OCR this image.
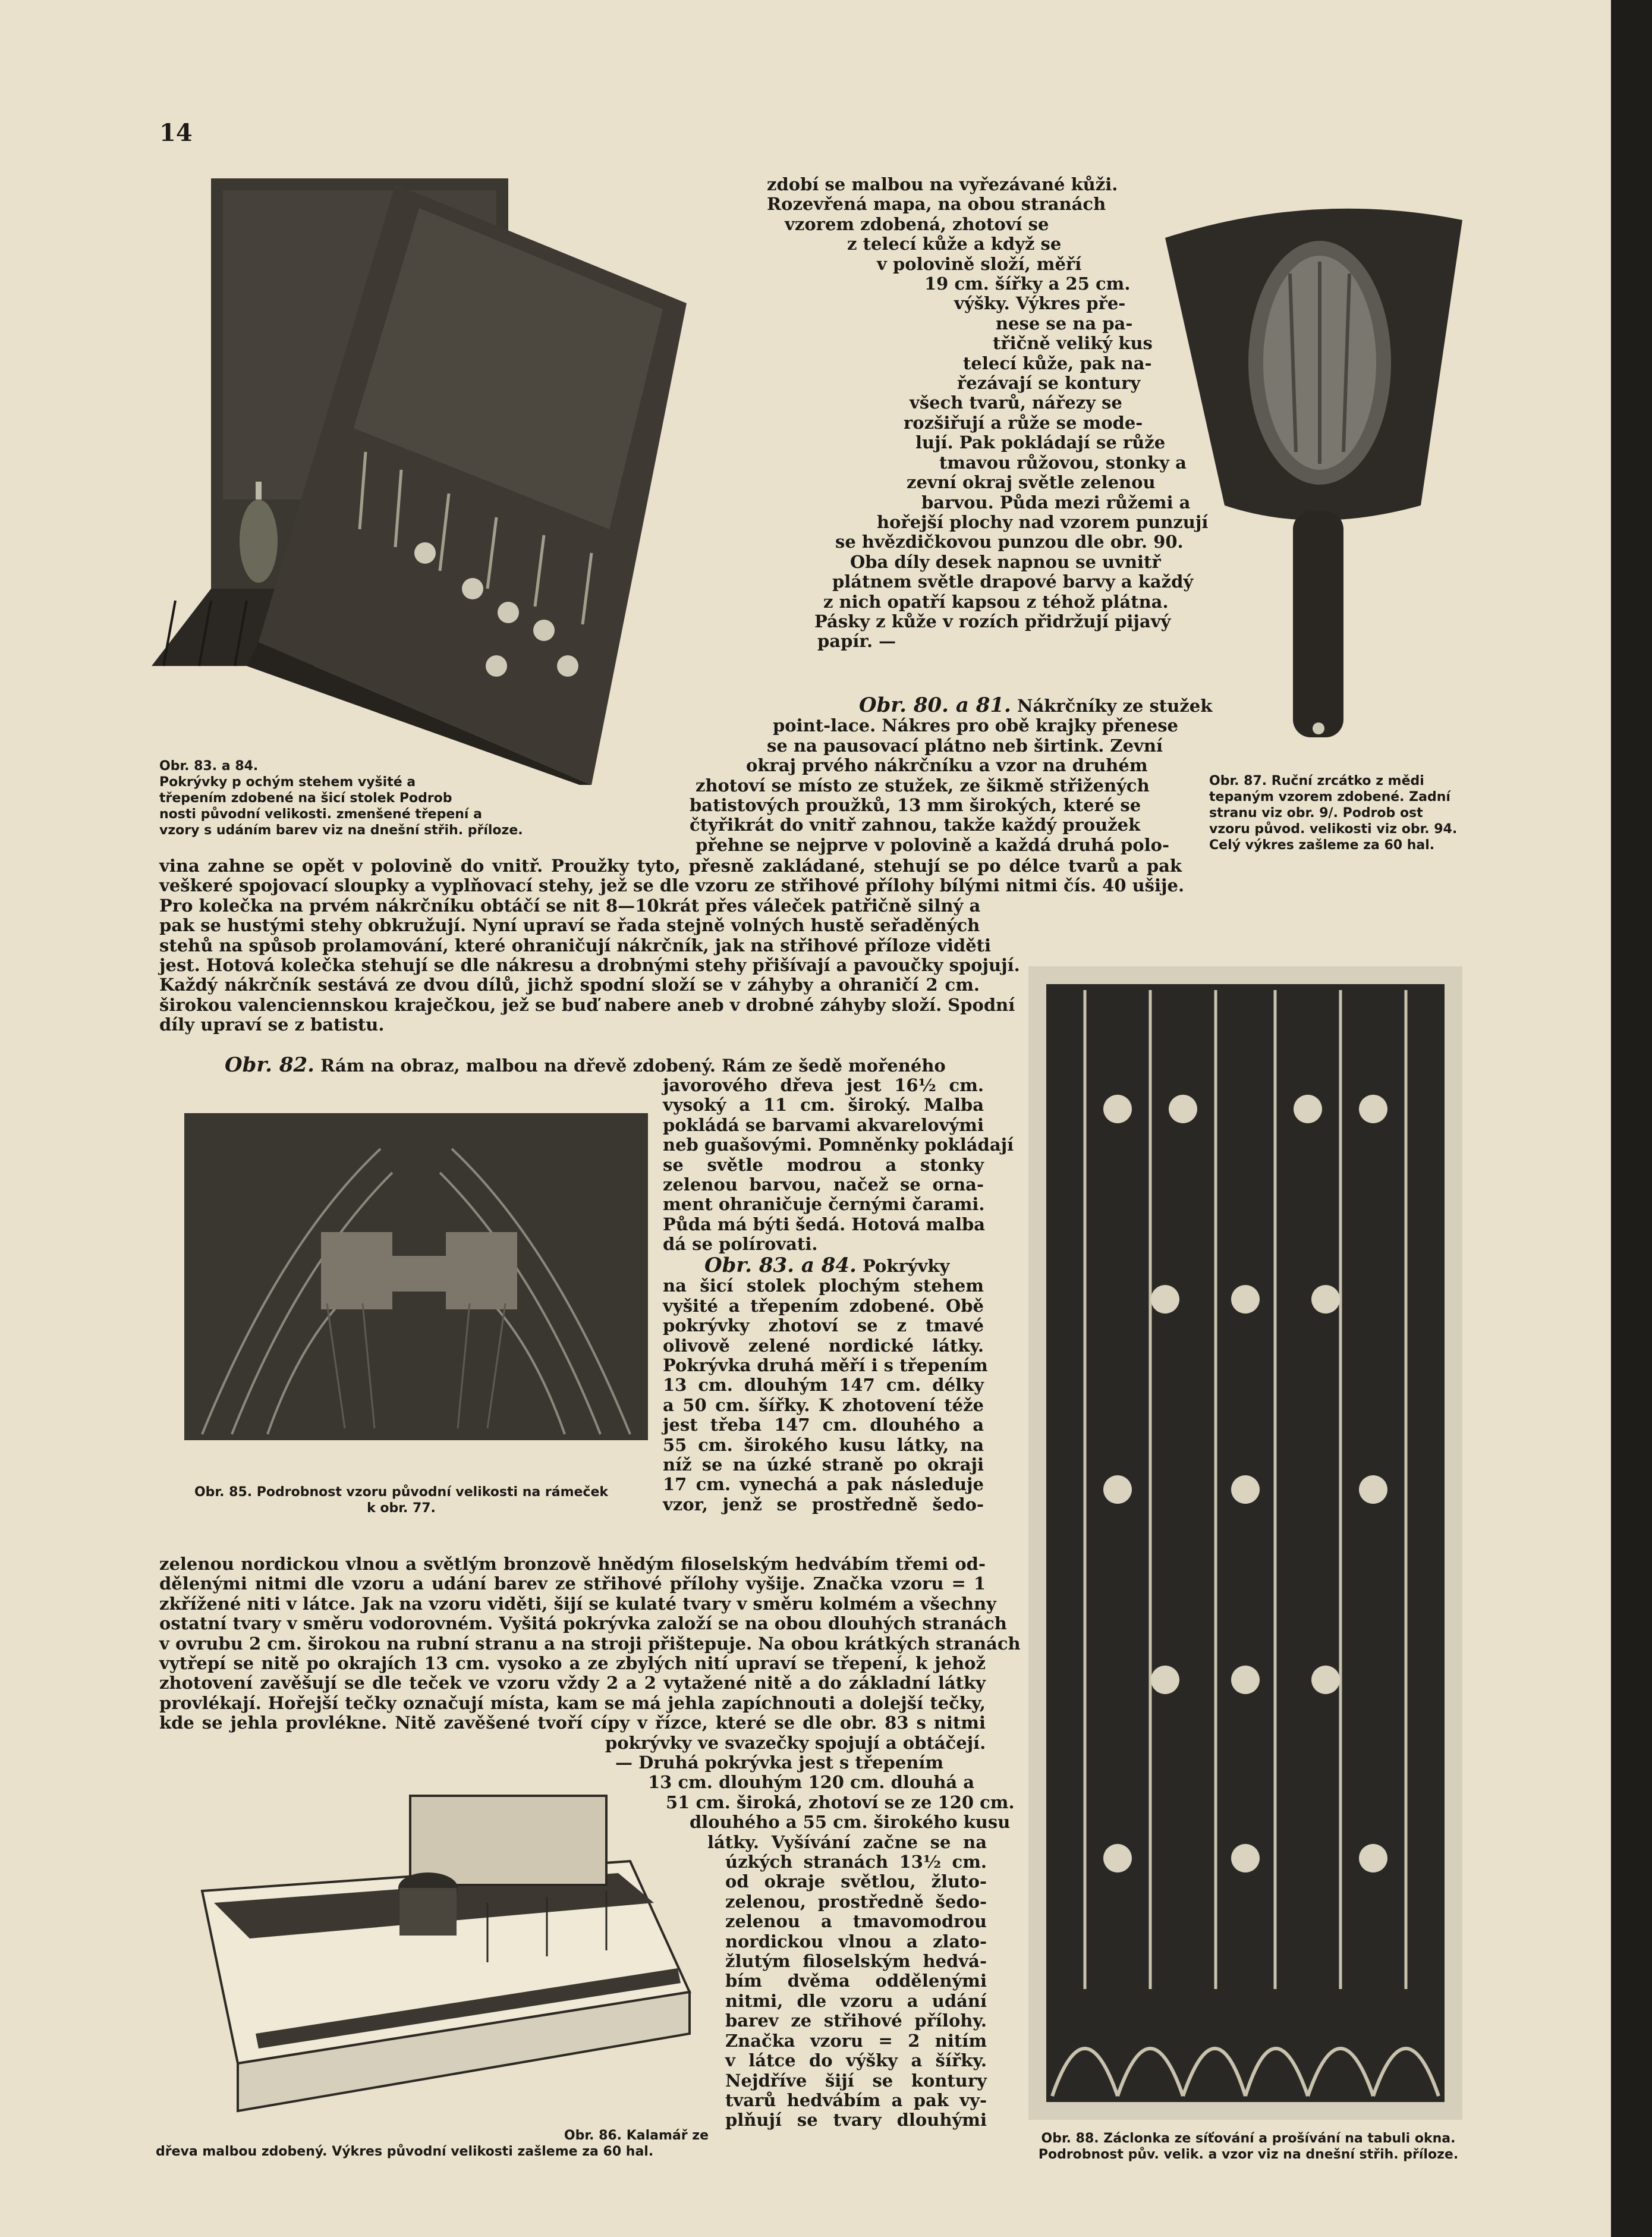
14
Obr. 83. a 84.
Pokrývky p ochým stehem vyšité a
třepením zdobené na šicí stolek Podrob
nosti původní velikosti. zmenšené třepení a
vzory s udáním barev viz na dnešní střih. příloze.
Obr. 87. Ruční zrcátko z mědi
tepaným vzorem zdobené. Zadní
stranu viz obr. 9/. Podrob ost
vzoru původ. velikosti viz obr. 94.
Celý výkres zašleme za 60 hal.
Obr. 85. Podrobnost vzoru původní velikosti na rámeček
k obr. 77.
Obr. 88. Záclonka ze síťování a prošívání na tabuli okna.
Podrobnost pův. velik. a vzor viz na dnešní střih. příloze.
Obr. 86. Kalamář ze
dřeva malbou zdobený. Výkres původní velikosti zašleme za 60 hal.
zdobí se malbou na vyřezávané kůži.
Rozevřená mapa, na obou stranách
vzorem zdobená, zhotoví se
z telecí kůže a když se
v polovině složí, měří
19 cm. šířky a 25 cm.
výšky. Výkres pře-
nese se na pa-
třičně veliký kus
telecí kůže, pak na-
řezávají se kontury
všech tvarů, nářezy se
rozšiřují a růže se mode-
lují. Pak pokládají se růže
tmavou růžovou, stonky a
zevní okraj světle zelenou
barvou. Půda mezi růžemi a
hořejší plochy nad vzorem punzují
se hvězdičkovou punzou dle obr. 90.
Oba díly desek napnou se uvnitř
plátnem světle drapové barvy a každý
z nich opatří kapsou z téhož plátna.
Pásky z kůže v rozích přidržují pijavý
papír. —
Obr. 80. a 81. Nákrčníky ze stužek
point-lace. Nákres pro obě krajky přenese
se na pausovací plátno neb širtink. Zevní
okraj prvého nákrčníku a vzor na druhém
zhotoví se místo ze stužek, ze šikmě střižených
batistových proužků, 13 mm širokých, které se
čtyřikrát do vnitř zahnou, takže každý proužek
přehne se nejprve v polovině a každá druhá polo-
vina zahne se opět v polovině do vnitř. Proužky tyto, přesně zakládané, stehují se po délce tvarů a pak
veškeré spojovací sloupky a vyplňovací stehy, jež se dle vzoru ze střihové přílohy bílými nitmi čís. 40 ušije.
Pro kolečka na prvém nákrčníku obtáčí se nit 8—10krát přes váleček patřičně silný a
pak se hustými stehy obkružují. Nyní upraví se řada stejně volných hustě seřaděných
stehů na spůsob prolamování, které ohraničují nákrčník, jak na střihové příloze viděti
jest. Hotová kolečka stehují se dle nákresu a drobnými stehy přišívají a pavoučky spojují.
Každý nákrčník sestává ze dvou dílů, jichž spodní složí se v záhyby a ohraničí 2 cm.
širokou valenciennskou kraječkou, jež se buď nabere aneb v drobné záhyby složí. Spodní
díly upraví se z batistu.
Obr. 82. Rám na obraz, malbou na dřevě zdobený. Rám ze šedě mořeného
javorového dřeva jest 16½ cm.
vysoký a 11 cm. široký. Malba
pokládá se barvami akvarelovými
neb guašovými. Pomněnky pokládají
se světle modrou a stonky
zelenou barvou, načež se orna-
ment ohraničuje černými čarami.
Půda má býti šedá. Hotová malba
dá se polírovati.
Obr. 83. a 84. Pokrývky
na šicí stolek plochým stehem
vyšité a třepením zdobené. Obě
pokrývky zhotoví se z tmavé
olivově zelené nordické látky.
Pokrývka druhá měří i s třepením
13 cm. dlouhým 147 cm. délky
a 50 cm. šířky. K zhotovení téže
jest třeba 147 cm. dlouhého a
55 cm. širokého kusu látky, na
níž se na úzké straně po okraji
17 cm. vynechá a pak následuje
vzor, jenž se prostředně šedo-
zelenou nordickou vlnou a světlým bronzově hnědým filoselským hedvábím třemi od-
dělenými nitmi dle vzoru a udání barev ze střihové přílohy vyšije. Značka vzoru = 1
zkřížené niti v látce. Jak na vzoru viděti, šijí se kulaté tvary v směru kolmém a všechny
ostatní tvary v směru vodorovném. Vyšitá pokrývka založí se na obou dlouhých stranách
v ovrubu 2 cm. širokou na rubní stranu a na stroji přištepuje. Na obou krátkých stranách
vytřepí se nitě po okrajích 13 cm. vysoko a ze zbylých nití upraví se třepení, k jehož
zhotovení zavěšují se dle teček ve vzoru vždy 2 a 2 vytažené nitě a do základní látky
provlékají. Hořejší tečky označují místa, kam se má jehla zapíchnouti a dolejší tečky,
kde se jehla provlékne. Nitě zavěšené tvoří cípy v řízce, které se dle obr. 83 s nitmi
pokrývky ve svazečky spojují a obtáčejí.
— Druhá pokrývka jest s třepením
13 cm. dlouhým 120 cm. dlouhá a
51 cm. široká, zhotoví se ze 120 cm.
dlouhého a 55 cm. širokého kusu
látky. Vyšívání začne se na
úzkých stranách 13½ cm.
od okraje světlou, žluto-
zelenou, prostředně šedo-
zelenou a tmavomodrou
nordickou vlnou a zlato-
žlutým filoselským hedvá-
bím dvěma oddělenými
nitmi, dle vzoru a udání
barev ze střihové přílohy.
Značka vzoru = 2 nitím
v látce do výšky a šířky.
Nejdříve šijí se kontury
tvarů hedvábím a pak vy-
plňují se tvary dlouhými
